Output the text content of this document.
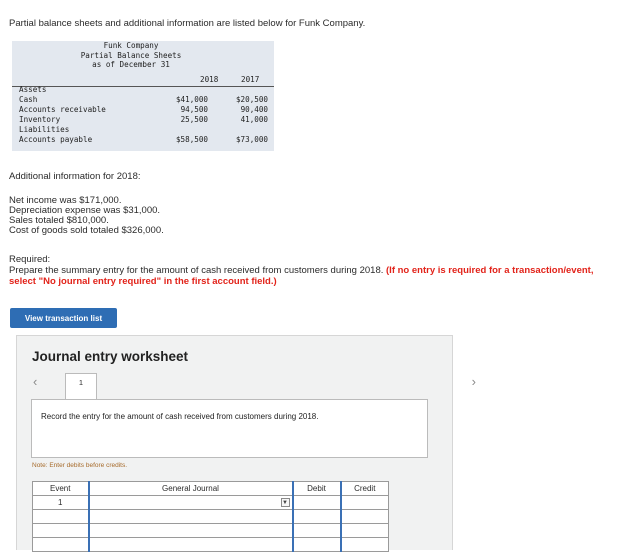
Partial balance sheets and additional information are listed below for Funk Company.
Funk Company
Partial Balance Sheets
as of December 31
2018	2017
Assets
Cash	$41,000	$20,500
Accounts receivable	94,500	90,400
Inventory	25,500	41,000
Liabilities
Accounts payable	$58,500	$73,000
Additional information for 2018:
Net income was $171,000.
Depreciation expense was $31,000.
Sales totaled $810,000.
Cost of goods sold totaled $326,000.
Required:
Prepare the summary entry for the amount of cash received from customers during 2018. (If no entry is required for a transaction/event, select "No journal entry required" in the first account field.)
View transaction list
Journal entry worksheet
‹	›
1
Record the entry for the amount of cash received from customers during 2018.
Note: Enter debits before credits.
Event	General Journal	Debit	Credit
1	▼		
